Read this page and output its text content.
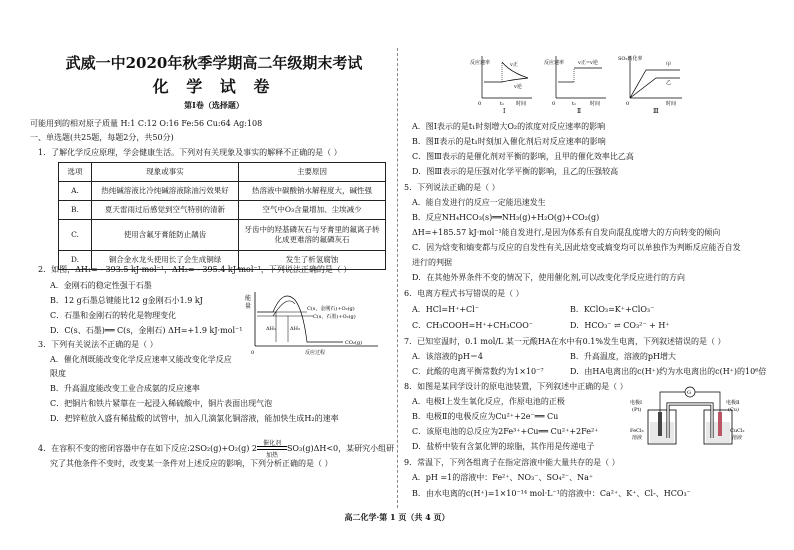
武威一中2020年秋季学期高二年级期末考试
化 学 试 卷
第Ⅰ卷（选择题）
可能用到的相对原子质量 H:1 C:12 O:16 Fe:56 Cu:64 Ag:108
一、单选题(共25题，每题2分，共50分)
1．了解化学反应原理，学会健康生活。下列对有关现象及事实的解释不正确的是（ ）
选项	现象或事实	主要原因
A.	热纯碱溶液比冷纯碱溶液除油污效果好	热溶液中碳酸钠水解程度大，碱性强
B.	夏天雷雨过后感觉到空气特别的清新	空气中O₃含量增加、尘埃减少
C.	使用含氟牙膏能防止龋齿	牙齿中的羟基磷灰石与牙膏里的氟离子转化成更难溶的氟磷灰石
D.	铜合金水龙头使用长了会生成铜绿	发生了析氢腐蚀
2．如图，ΔH₁= - 393.5 kJ·mol⁻¹，ΔH₂= - 395.4 kJ·mol⁻¹，下列说法正确的是（ ）
A．金刚石的稳定性强于石墨
B．12 g石墨总键能比12 g金刚石小1.9 kJ
C．石墨和金刚石的转化是物理变化
D．C(s、石墨)══ C(s，金刚石) ΔH=+1.9 kJ·mol⁻¹
能
量	C(s，金刚石)+O₂(g)
C(s，石墨)+O₂(g)
ΔH₁	ΔH₂
CO₂(g)
0	反应过程
3．下列有关说法不正确的是（ ）
A．催化剂既能改变化学反应速率又能改变化学反应
限度
B．升高温度能改变工业合成氨的反应速率
C．把铜片和铁片紧靠在一起浸入稀硫酸中，铜片表面出现气泡
D．把锌粒放入盛有稀盐酸的试管中，加入几滴氯化铜溶液，能加快生成H₂的速率
4．在容积不变的密闭容器中存在如下反应:2SO₂(g)+O₂(g) 2
催化剂
加热
SO₃(g)ΔH<0，某研究小组研
究了其他条件不变时，改变某一条件对上述反应的影响，下列分析正确的是（ ）
反应速率	v正
v逆
t₁
0	时间
Ⅰ
反应速率	v正=v逆
t₁
0	时间
Ⅱ
SO₂转化率
甲
乙
0	时间
Ⅲ
A．图Ⅰ表示的是t₁时刻增大O₂的浓度对反应速率的影响
B．图Ⅱ表示的是t₁时刻加入催化剂后对反应速率的影响
C．图Ⅲ表示的是催化剂对平衡的影响，且甲的催化效率比乙高
D．图Ⅲ表示的是压强对化学平衡的影响，且乙的压强较高
5．下列说法正确的是（ ）
A．能自发进行的反应一定能迅速发生
B．反应NH₄HCO₃(s)══NH₃(g)+H₂O(g)+CO₂(g)
ΔH=+185.57 kJ·mol⁻¹能自发进行,是因为体系有自发向混乱度增大的方向转变的倾向
C．因为焓变和熵变都与反应的自发性有关,因此焓变或熵变均可以单独作为判断反应能否自发
进行的判据
D．在其他外界条件不变的情况下，使用催化剂,可以改变化学反应进行的方向
6．电离方程式书写错误的是（ ）
A．HCl=H⁺+Cl⁻	B．KClO₃=K⁺+ClO₃⁻
C．CH₃COOH=H⁺+CH₃COO⁻	D．HCO₃⁻ ⇌ CO₃²⁻ + H⁺
7．已知室温时，0.1 mol/L 某一元酸HA在水中有0.1%发生电离，下列叙述错误的是（ ）
A．该溶液的pH＝4	B．升高温度，溶液的pH增大
C．此酸的电离平衡常数约为1×10⁻⁷	D．由HA电离出的c(H⁺)约为水电离出的c(H⁺)的10⁶倍
8．如图是某同学设计的原电池装置，下列叙述中正确的是（ ）
A．电极Ⅰ上发生氧化反应，作原电池的正极
B．电极Ⅱ的电极反应为Cu²⁺+2e⁻══ Cu
C．该原电池的总反应为2Fe³⁺+Cu══ Cu²⁺+2Fe²⁺
D．盐桥中装有含氯化钾的琼脂，其作用是传递电子
G
电极Ⅰ
(Pt)
电极Ⅱ
(Cu)
FeCl₃
溶液
CuCl₂
溶液
9．常温下，下列各组离子在指定溶液中能大量共存的是（ ）
A．pH =1的溶液中：Fe²⁺、NO₃⁻、SO₄²⁻、Na⁺
B．由水电离的c(H⁺)=1×10⁻¹⁴ mol·L⁻¹的溶液中：Ca²⁺、K⁺、Cl-、HCO₃⁻
高二化学·第 1 页（共 4 页）
